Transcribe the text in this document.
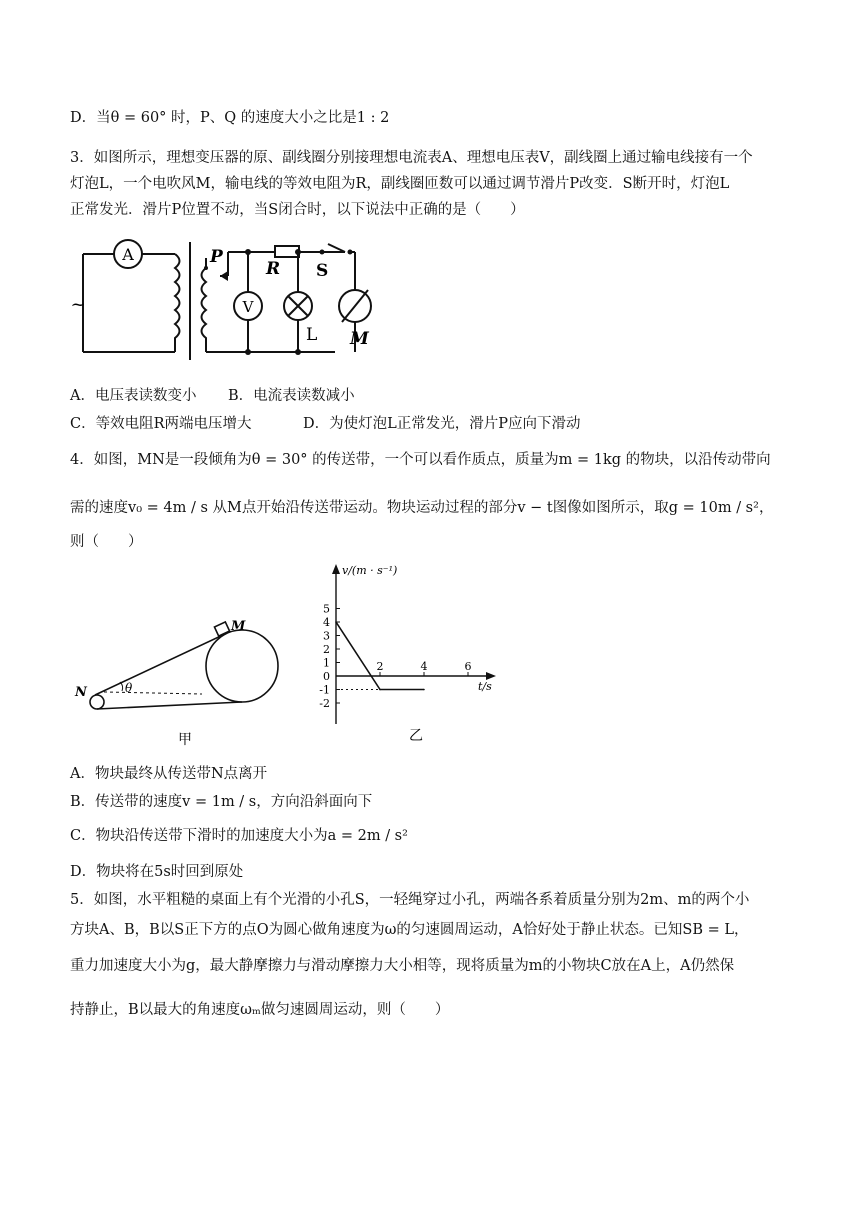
D．当θ = 60° 时，P、Q 的速度大小之比是1 : 2
3．如图所示，理想变压器的原、副线圈分别接理想电流表A、理想电压表V，副线圈上通过输电线接有一个
灯泡L，一个电吹风M，输电线的等效电阻为R，副线圈匝数可以通过调节滑片P改变．S断开时，灯泡L
正常发光．滑片P位置不动，当S闭合时，以下说法中正确的是（　　）
A
V
~
P
R S
L M
A．电压表读数变小 B．电流表读数减小
C．等效电阻R两端电压增大	D．为使灯泡L正常发光，滑片P应向下滑动
4．如图，MN是一段倾角为θ = 30° 的传送带，一个可以看作质点，质量为m = 1kg 的物块，以沿传动带向
需的速度v₀ = 4m / s 从M点开始沿传送带运动。物块运动过程的部分v − t图像如图所示，取g = 10m / s²，
则（　　）
M
N	θ
甲
5
4
3
2
1
0
-1
-2
2	4	6
v/(m · s⁻¹)
t/s
乙
A．物块最终从传送带N点离开
B．传送带的速度v = 1m / s，方向沿斜面向下
C．物块沿传送带下滑时的加速度大小为a = 2m / s²
D．物块将在5s时回到原处
5．如图，水平粗糙的桌面上有个光滑的小孔S，一轻绳穿过小孔，两端各系着质量分别为2m、m的两个小
方块A、B，B以S正下方的点O为圆心做角速度为ω的匀速圆周运动，A恰好处于静止状态。已知SB = L，
重力加速度大小为g，最大静摩擦力与滑动摩擦力大小相等，现将质量为m的小物块C放在A上，A仍然保
持静止，B以最大的角速度ωₘ做匀速圆周运动，则（　　）
